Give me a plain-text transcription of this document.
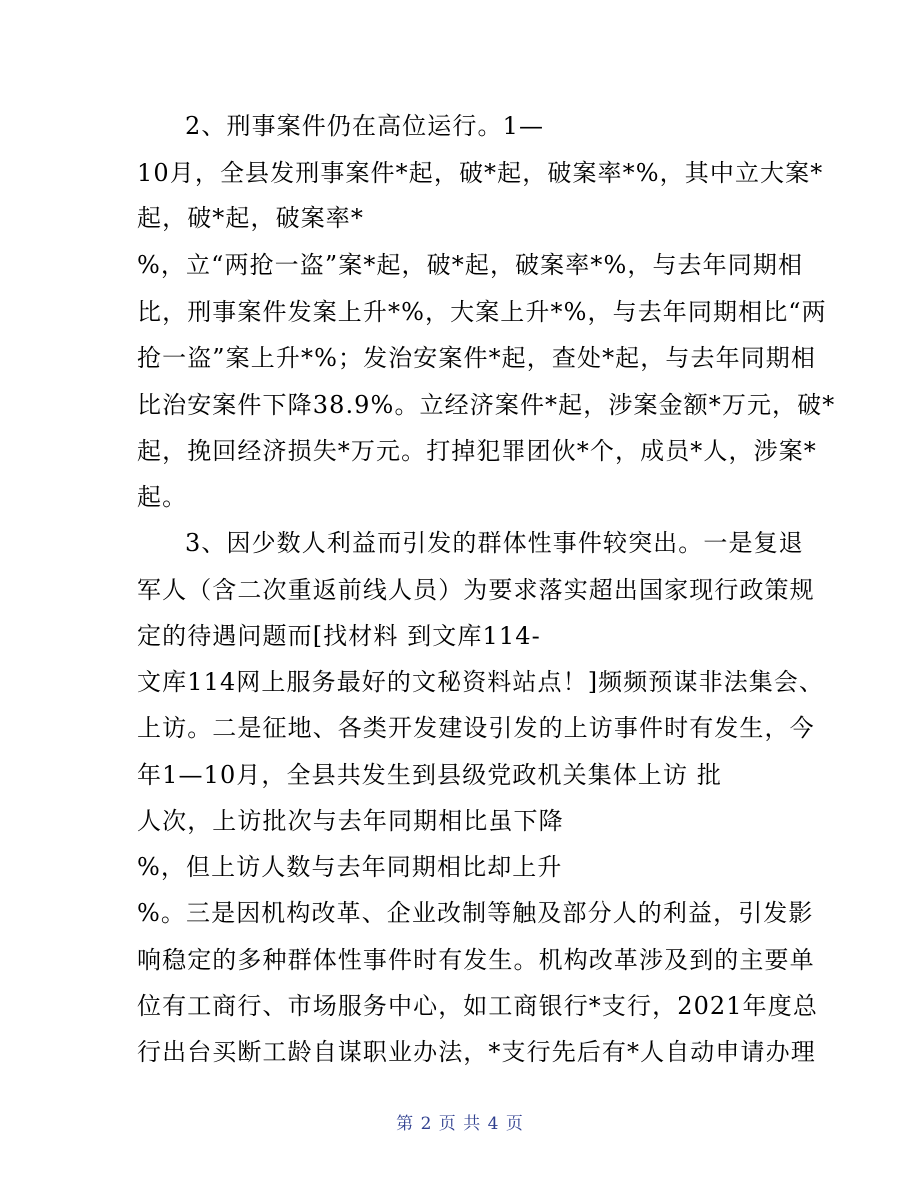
2、刑事案件仍在高位运行。1—
10月，全县发刑事案件*起，破*起，破案率*%，其中立大案*
起，破*起，破案率*
%，立“两抢一盗”案*起，破*起，破案率*%，与去年同期相
比，刑事案件发案上升*%，大案上升*%，与去年同期相比“两
抢一盗”案上升*%；发治安案件*起，查处*起，与去年同期相
比治安案件下降38.9%。立经济案件*起，涉案金额*万元，破*
起，挽回经济损失*万元。打掉犯罪团伙*个，成员*人，涉案*
起。
3、因少数人利益而引发的群体性事件较突出。一是复退
军人（含二次重返前线人员）为要求落实超出国家现行政策规
定的待遇问题而[找材料 到文库114-
文库114网上服务最好的文秘资料站点！]频频预谋非法集会、
上访。二是征地、各类开发建设引发的上访事件时有发生，今
年1—10月，全县共发生到县级党政机关集体上访 批
人次，上访批次与去年同期相比虽下降
%，但上访人数与去年同期相比却上升
%。三是因机构改革、企业改制等触及部分人的利益，引发影
响稳定的多种群体性事件时有发生。机构改革涉及到的主要单
位有工商行、市场服务中心，如工商银行*支行，2021年度总
行出台买断工龄自谋职业办法，*支行先后有*人自动申请办理
第 2 页 共 4 页
